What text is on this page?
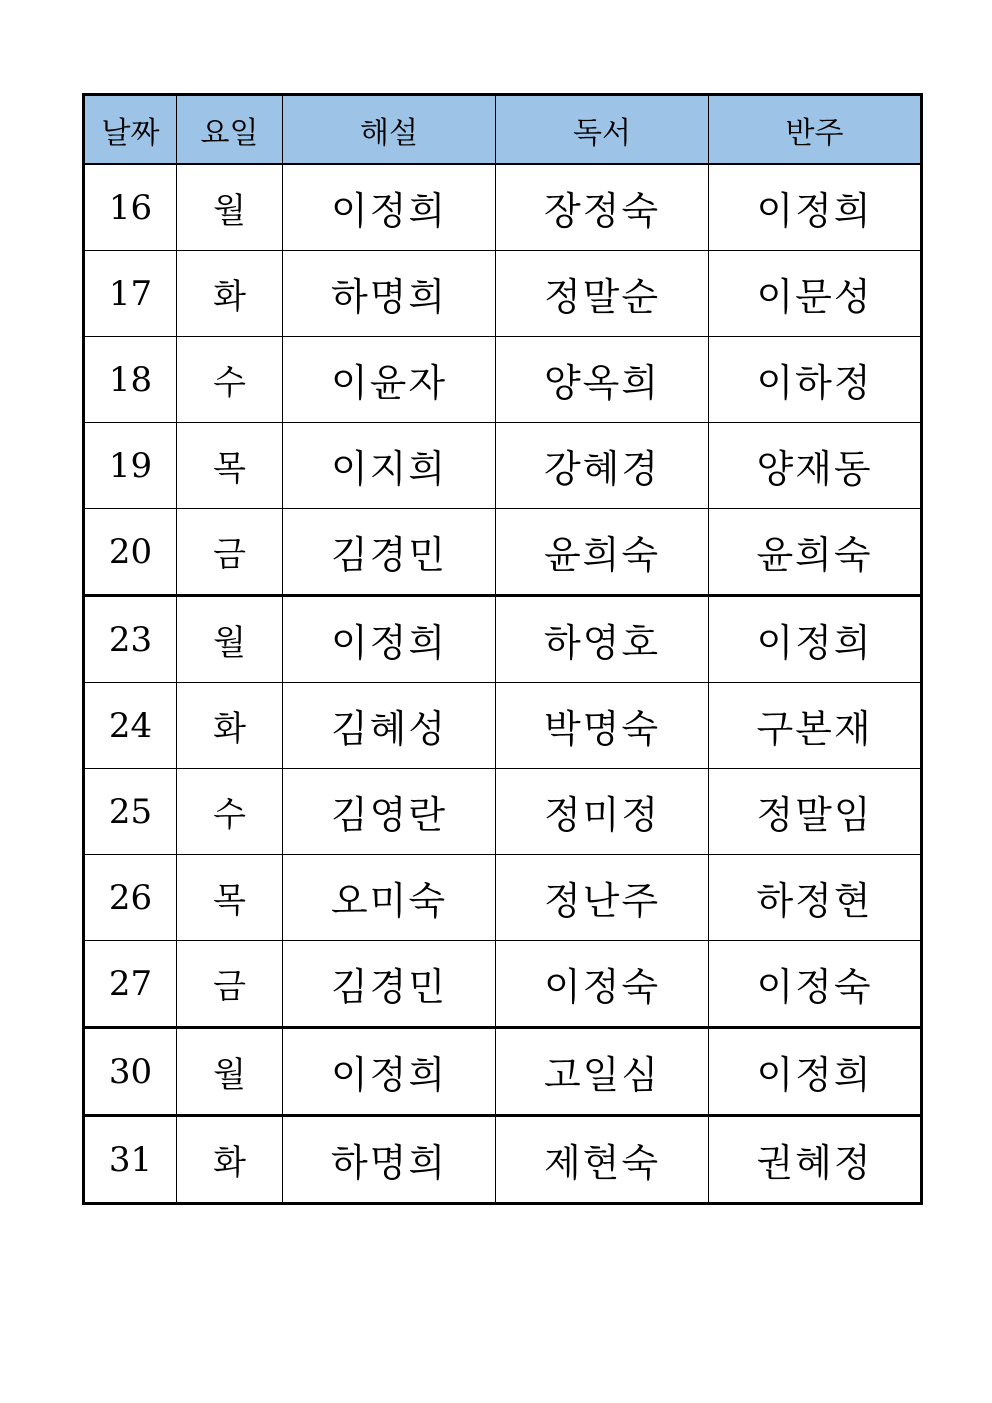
날짜	요일	해설	독서	반주
16	월	이정희	장정숙	이정희
17	화	하명희	정말순	이문성
18	수	이윤자	양옥희	이하정
19	목	이지희	강혜경	양재동
20	금	김경민	윤희숙	윤희숙
23	월	이정희	하영호	이정희
24	화	김혜성	박명숙	구본재
25	수	김영란	정미정	정말임
26	목	오미숙	정난주	하정현
27	금	김경민	이정숙	이정숙
30	월	이정희	고일심	이정희
31	화	하명희	제현숙	권혜정
